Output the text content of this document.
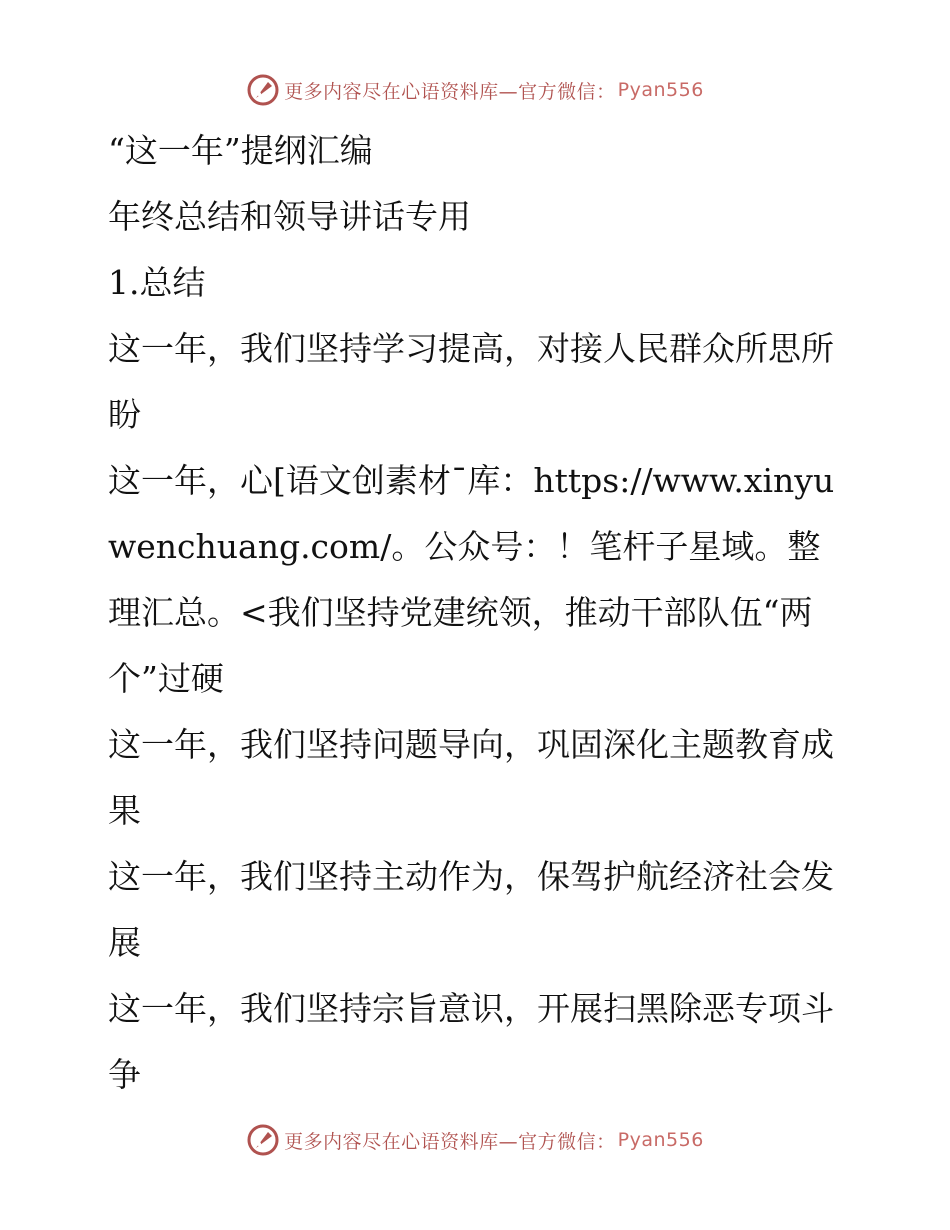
更多内容尽在心语资料库—官方微信： Pyan556

“这一年”提纲汇编

年终总结和领导讲话专用

1.总结

这一年，我们坚持学习提高，对接人民群众所思所盼

这一年，心[语文创素材¯库：https://www.xinyuwenchuang.com/。公众号：！笔杆子星域。整理汇总。<我们坚持党建统领，推动干部队伍“两个”过硬

这一年，我们坚持问题导向，巩固深化主题教育成果

这一年，我们坚持主动作为，保驾护航经济社会发展

这一年，我们坚持宗旨意识，开展扫黑除恶专项斗争

更多内容尽在心语资料库—官方微信： Pyan556
